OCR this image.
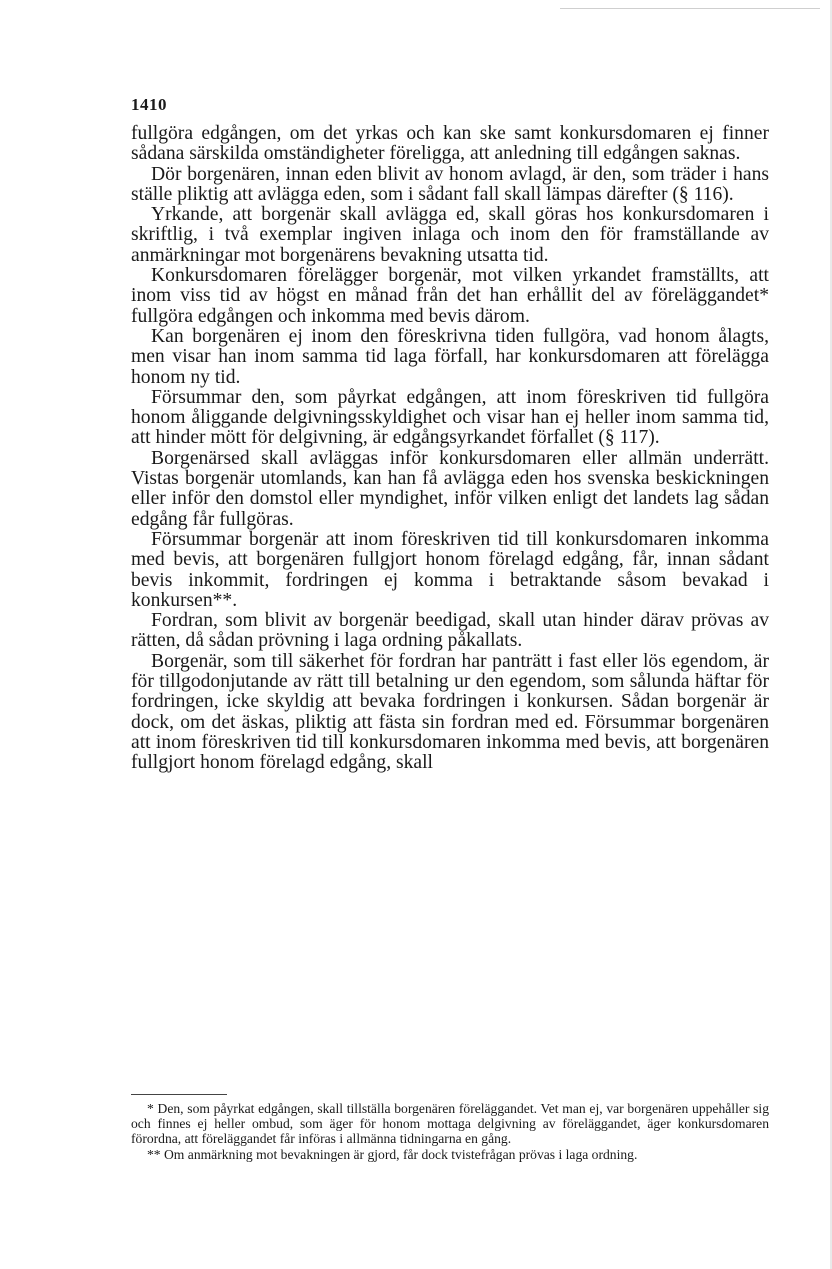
1410

fullgöra edgången, om det yrkas och kan ske samt konkursdomaren ej finner sådana särskilda omständigheter föreligga, att anledning till edgången saknas.

Dör borgenären, innan eden blivit av honom avlagd, är den, som träder i hans ställe pliktig att avlägga eden, som i sådant fall skall lämpas därefter (§ 116).

Yrkande, att borgenär skall avlägga ed, skall göras hos konkursdomaren i skriftlig, i två exemplar ingiven inlaga och inom den för framställande av anmärkningar mot borgenärens bevakning utsatta tid.

Konkursdomaren förelägger borgenär, mot vilken yrkandet framställts, att inom viss tid av högst en månad från det han erhållit del av föreläggandet* fullgöra edgången och inkomma med bevis därom.

Kan borgenären ej inom den föreskrivna tiden fullgöra, vad honom ålagts, men visar han inom samma tid laga förfall, har konkursdomaren att förelägga honom ny tid.

Försummar den, som påyrkat edgången, att inom föreskriven tid fullgöra honom åliggande delgivningsskyldighet och visar han ej heller inom samma tid, att hinder mött för delgivning, är edgångsyrkandet förfallet (§ 117).

Borgenärsed skall avläggas inför konkursdomaren eller allmän underrätt. Vistas borgenär utomlands, kan han få avlägga eden hos svenska beskickningen eller inför den domstol eller myndighet, inför vilken enligt det landets lag sådan edgång får fullgöras.

Försummar borgenär att inom föreskriven tid till konkursdomaren inkomma med bevis, att borgenären fullgjort honom förelagd edgång, får, innan sådant bevis inkommit, fordringen ej komma i betraktande såsom bevakad i konkursen**.

Fordran, som blivit av borgenär beedigad, skall utan hinder därav prövas av rätten, då sådan prövning i laga ordning påkallats.

Borgenär, som till säkerhet för fordran har panträtt i fast eller lös egendom, är för tillgodonjutande av rätt till betalning ur den egendom, som sålunda häftar för fordringen, icke skyldig att bevaka fordringen i konkursen. Sådan borgenär är dock, om det äskas, pliktig att fästa sin fordran med ed. Försummar borgenären att inom föreskriven tid till konkursdomaren inkomma med bevis, att borgenären fullgjort honom förelagd edgång, skall

* Den, som påyrkat edgången, skall tillställa borgenären föreläggandet. Vet man ej, var borgenären uppehåller sig och finnes ej heller ombud, som äger för honom mottaga delgivning av föreläggandet, äger konkursdomaren förordna, att föreläggandet får införas i allmänna tidningarna en gång.

** Om anmärkning mot bevakningen är gjord, får dock tvistefrågan prövas i laga ordning.
